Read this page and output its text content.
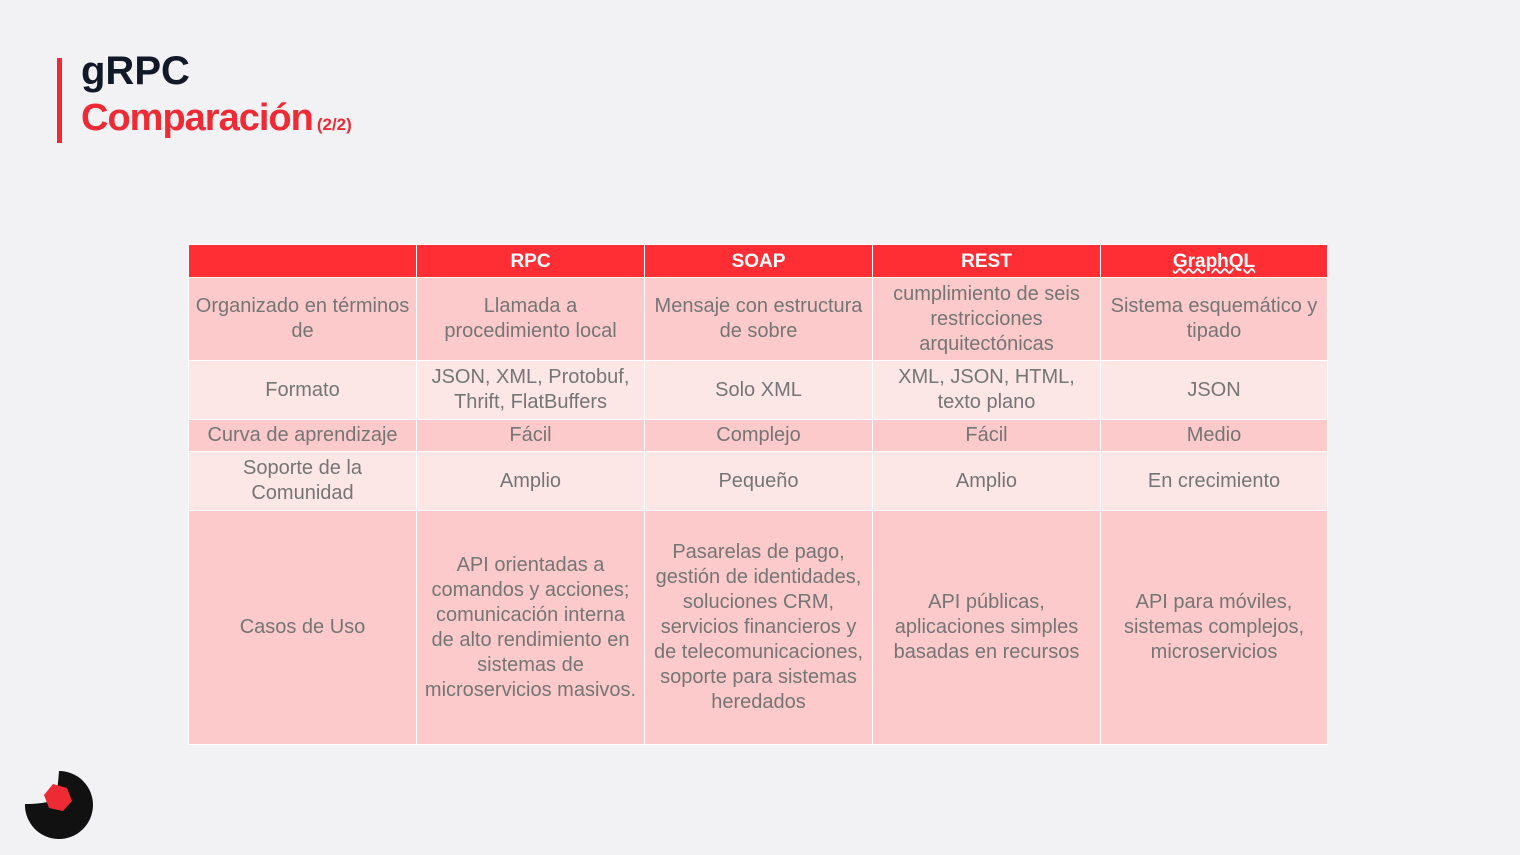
gRPC
Comparación (2/2)
	RPC	SOAP	REST	GraphQL
Organizado en términos de	Llamada a procedimiento local	Mensaje con estructura de sobre	cumplimiento de seis restricciones arquitectónicas	Sistema esquemático y tipado
Formato	JSON, XML, Protobuf, Thrift, FlatBuffers	Solo XML	XML, JSON, HTML, texto plano	JSON
Curva de aprendizaje	Fácil	Complejo	Fácil	Medio
Soporte de la Comunidad	Amplio	Pequeño	Amplio	En crecimiento
Casos de Uso	API orientadas a comandos y acciones; comunicación interna de alto rendimiento en sistemas de microservicios masivos.	Pasarelas de pago, gestión de identidades, soluciones CRM, servicios financieros y de telecomunicaciones, soporte para sistemas heredados	API públicas, aplicaciones simples basadas en recursos	API para móviles, sistemas complejos, microservicios
